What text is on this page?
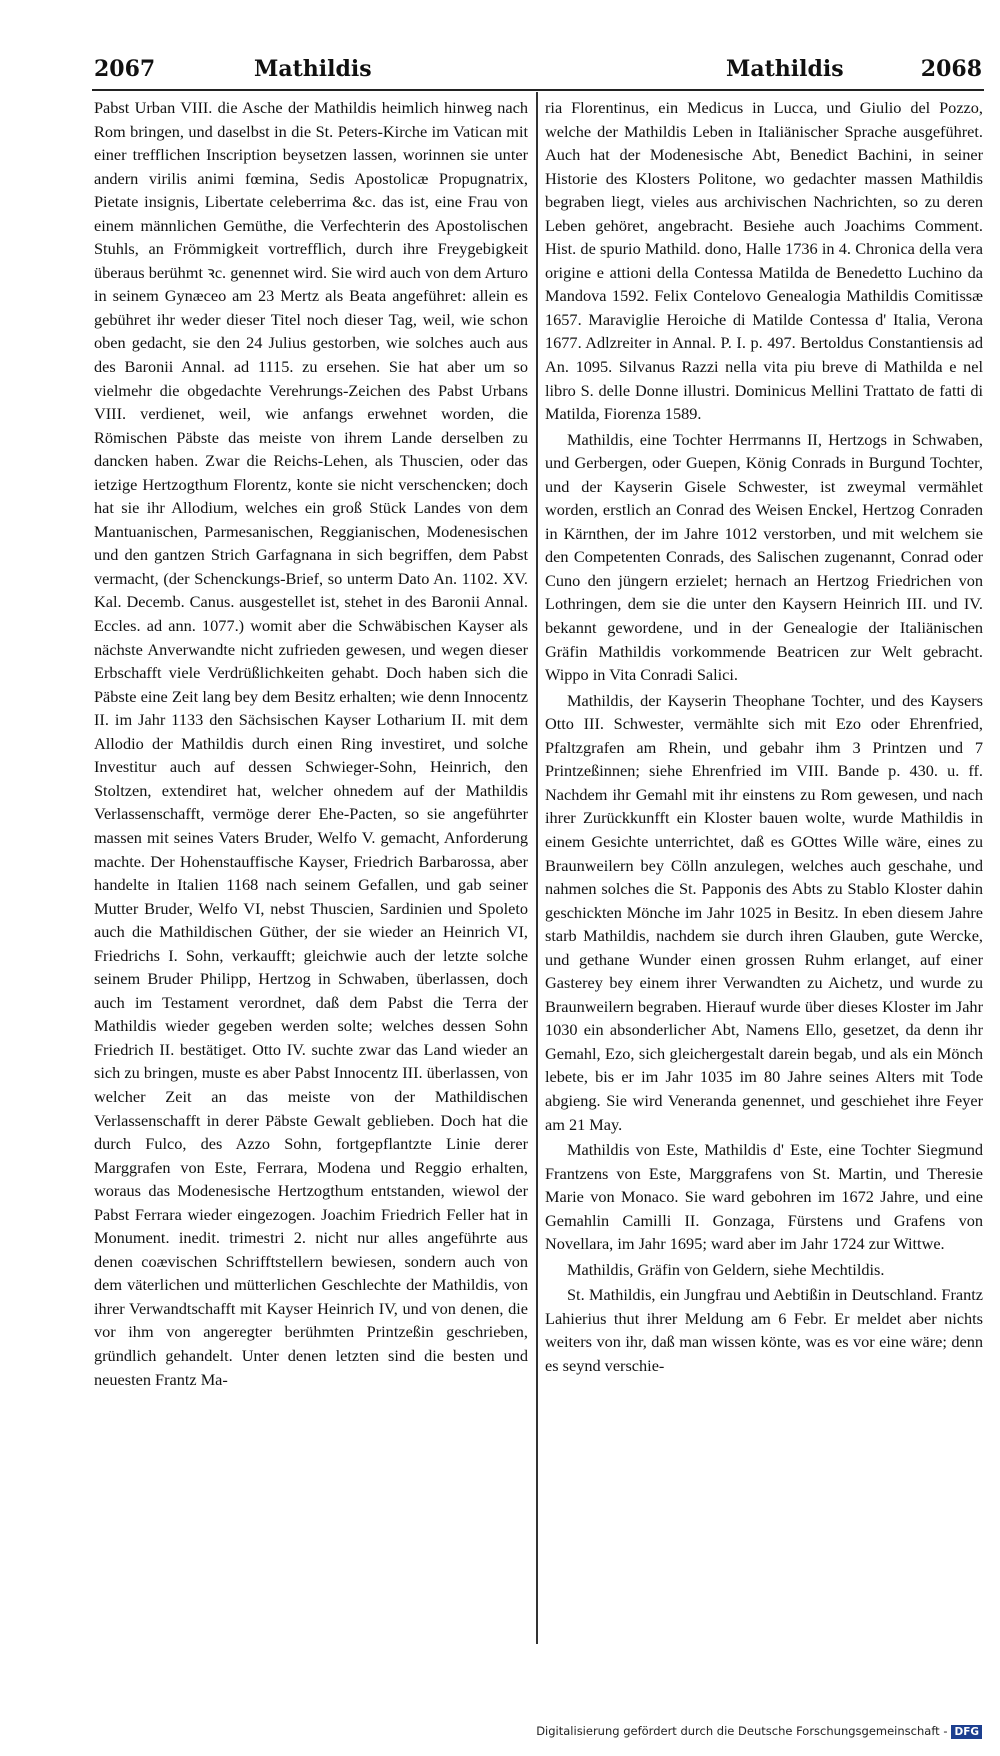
2067	Mathildis	Mathildis	2068

Pabst Urban VIII. die Asche der Mathildis heimlich hinweg nach Rom bringen, und daselbst in die St. Peters-Kirche im Vatican mit einer trefflichen Inscription beysetzen lassen, worinnen sie unter andern virilis animi fœmina, Sedis Apostolicæ Propugnatrix, Pietate insignis, Libertate celeberrima &c. das ist, eine Frau von einem männlichen Gemüthe, die Verfechterin des Apostolischen Stuhls, an Frömmigkeit vortrefflich, durch ihre Freygebigkeit überaus berühmt ꝛc. genennet wird. Sie wird auch von dem Arturo in seinem Gynæceo am 23 Mertz als Beata angeführet: allein es gebühret ihr weder dieser Titel noch dieser Tag, weil, wie schon oben gedacht, sie den 24 Julius gestorben, wie solches auch aus des Baronii Annal. ad 1115. zu ersehen. Sie hat aber um so vielmehr die obgedachte Verehrungs-Zeichen des Pabst Urbans VIII. verdienet, weil, wie anfangs erwehnet worden, die Römischen Päbste das meiste von ihrem Lande derselben zu dancken haben. Zwar die Reichs-Lehen, als Thuscien, oder das ietzige Hertzogthum Florentz, konte sie nicht verschencken; doch hat sie ihr Allodium, welches ein groß Stück Landes von dem Mantuanischen, Parmesanischen, Reggianischen, Modenesischen und den gantzen Strich Garfagnana in sich begriffen, dem Pabst vermacht, (der Schenckungs-Brief, so unterm Dato An. 1102. XV. Kal. Decemb. Canus. ausgestellet ist, stehet in des Baronii Annal. Eccles. ad ann. 1077.) womit aber die Schwäbischen Kayser als nächste Anverwandte nicht zufrieden gewesen, und wegen dieser Erbschafft viele Verdrüßlichkeiten gehabt. Doch haben sich die Päbste eine Zeit lang bey dem Besitz erhalten; wie denn Innocentz II. im Jahr 1133 den Sächsischen Kayser Lotharium II. mit dem Allodio der Mathildis durch einen Ring investiret, und solche Investitur auch auf dessen Schwieger-Sohn, Heinrich, den Stoltzen, extendiret hat, welcher ohnedem auf der Mathildis Verlassenschafft, vermöge derer Ehe-Pacten, so sie angeführter massen mit seines Vaters Bruder, Welfo V. gemacht, Anforderung machte. Der Hohenstauffische Kayser, Friedrich Barbarossa, aber handelte in Italien 1168 nach seinem Gefallen, und gab seiner Mutter Bruder, Welfo VI, nebst Thuscien, Sardinien und Spoleto auch die Mathildischen Güther, der sie wieder an Heinrich VI, Friedrichs I. Sohn, verkaufft; gleichwie auch der letzte solche seinem Bruder Philipp, Hertzog in Schwaben, überlassen, doch auch im Testament verordnet, daß dem Pabst die Terra der Mathildis wieder gegeben werden solte; welches dessen Sohn Friedrich II. bestätiget. Otto IV. suchte zwar das Land wieder an sich zu bringen, muste es aber Pabst Innocentz III. überlassen, von welcher Zeit an das meiste von der Mathildischen Verlassenschafft in derer Päbste Gewalt geblieben. Doch hat die durch Fulco, des Azzo Sohn, fortgepflantzte Linie derer Marggrafen von Este, Ferrara, Modena und Reggio erhalten, woraus das Modenesische Hertzogthum entstanden, wiewol der Pabst Ferrara wieder eingezogen. Joachim Friedrich Feller hat in Monument. inedit. trimestri 2. nicht nur alles angeführte aus denen coævischen Schrifftstellern bewiesen, sondern auch von dem väterlichen und mütterlichen Geschlechte der Mathildis, von ihrer Verwandtschafft mit Kayser Heinrich IV, und von denen, die vor ihm von angeregter berühmten Printzeßin geschrieben, gründlich gehandelt. Unter denen letzten sind die besten und neuesten Frantz Ma-

ria Florentinus, ein Medicus in Lucca, und Giulio del Pozzo, welche der Mathildis Leben in Italiänischer Sprache ausgeführet. Auch hat der Modenesische Abt, Benedict Bachini, in seiner Historie des Klosters Politone, wo gedachter massen Mathildis begraben liegt, vieles aus archivischen Nachrichten, so zu deren Leben gehöret, angebracht. Besiehe auch Joachims Comment. Hist. de spurio Mathild. dono, Halle 1736 in 4. Chronica della vera origine e attioni della Contessa Matilda de Benedetto Luchino da Mandova 1592. Felix Contelovo Genealogia Mathildis Comitissæ 1657. Maraviglie Heroiche di Matilde Contessa d' Italia, Verona 1677. Adlzreiter in Annal. P. I. p. 497. Bertoldus Constantiensis ad An. 1095. Silvanus Razzi nella vita piu breve di Mathilda e nel libro S. delle Donne illustri. Dominicus Mellini Trattato de fatti di Matilda, Fiorenza 1589.

Mathildis, eine Tochter Herrmanns II, Hertzogs in Schwaben, und Gerbergen, oder Guepen, König Conrads in Burgund Tochter, und der Kayserin Gisele Schwester, ist zweymal vermählet worden, erstlich an Conrad des Weisen Enckel, Hertzog Conraden in Kärnthen, der im Jahre 1012 verstorben, und mit welchem sie den Competenten Conrads, des Salischen zugenannt, Conrad oder Cuno den jüngern erzielet; hernach an Hertzog Friedrichen von Lothringen, dem sie die unter den Kaysern Heinrich III. und IV. bekannt gewordene, und in der Genealogie der Italiänischen Gräfin Mathildis vorkommende Beatricen zur Welt gebracht. Wippo in Vita Conradi Salici.

Mathildis, der Kayserin Theophane Tochter, und des Kaysers Otto III. Schwester, vermählte sich mit Ezo oder Ehrenfried, Pfaltzgrafen am Rhein, und gebahr ihm 3 Printzen und 7 Printzeßinnen; siehe Ehrenfried im VIII. Bande p. 430. u. ff. Nachdem ihr Gemahl mit ihr einstens zu Rom gewesen, und nach ihrer Zurückkunfft ein Kloster bauen wolte, wurde Mathildis in einem Gesichte unterrichtet, daß es GOttes Wille wäre, eines zu Braunweilern bey Cölln anzulegen, welches auch geschahe, und nahmen solches die St. Papponis des Abts zu Stablo Kloster dahin geschickten Mönche im Jahr 1025 in Besitz. In eben diesem Jahre starb Mathildis, nachdem sie durch ihren Glauben, gute Wercke, und gethane Wunder einen grossen Ruhm erlanget, auf einer Gasterey bey einem ihrer Verwandten zu Aichetz, und wurde zu Braunweilern begraben. Hierauf wurde über dieses Kloster im Jahr 1030 ein absonderlicher Abt, Namens Ello, gesetzet, da denn ihr Gemahl, Ezo, sich gleichergestalt darein begab, und als ein Mönch lebete, bis er im Jahr 1035 im 80 Jahre seines Alters mit Tode abgieng. Sie wird Veneranda genennet, und geschiehet ihre Feyer am 21 May.

Mathildis von Este, Mathildis d' Este, eine Tochter Siegmund Frantzens von Este, Marggrafens von St. Martin, und Theresie Marie von Monaco. Sie ward gebohren im 1672 Jahre, und eine Gemahlin Camilli II. Gonzaga, Fürstens und Grafens von Novellara, im Jahr 1695; ward aber im Jahr 1724 zur Wittwe.

Mathildis, Gräfin von Geldern, siehe Mechtildis.

St. Mathildis, ein Jungfrau und Aebtißin in Deutschland. Frantz Lahierius thut ihrer Meldung am 6 Febr. Er meldet aber nichts weiters von ihr, daß man wissen könte, was es vor eine wäre; denn es seynd verschie-

Digitalisierung gefördert durch die Deutsche Forschungsgemeinschaft - DFG
